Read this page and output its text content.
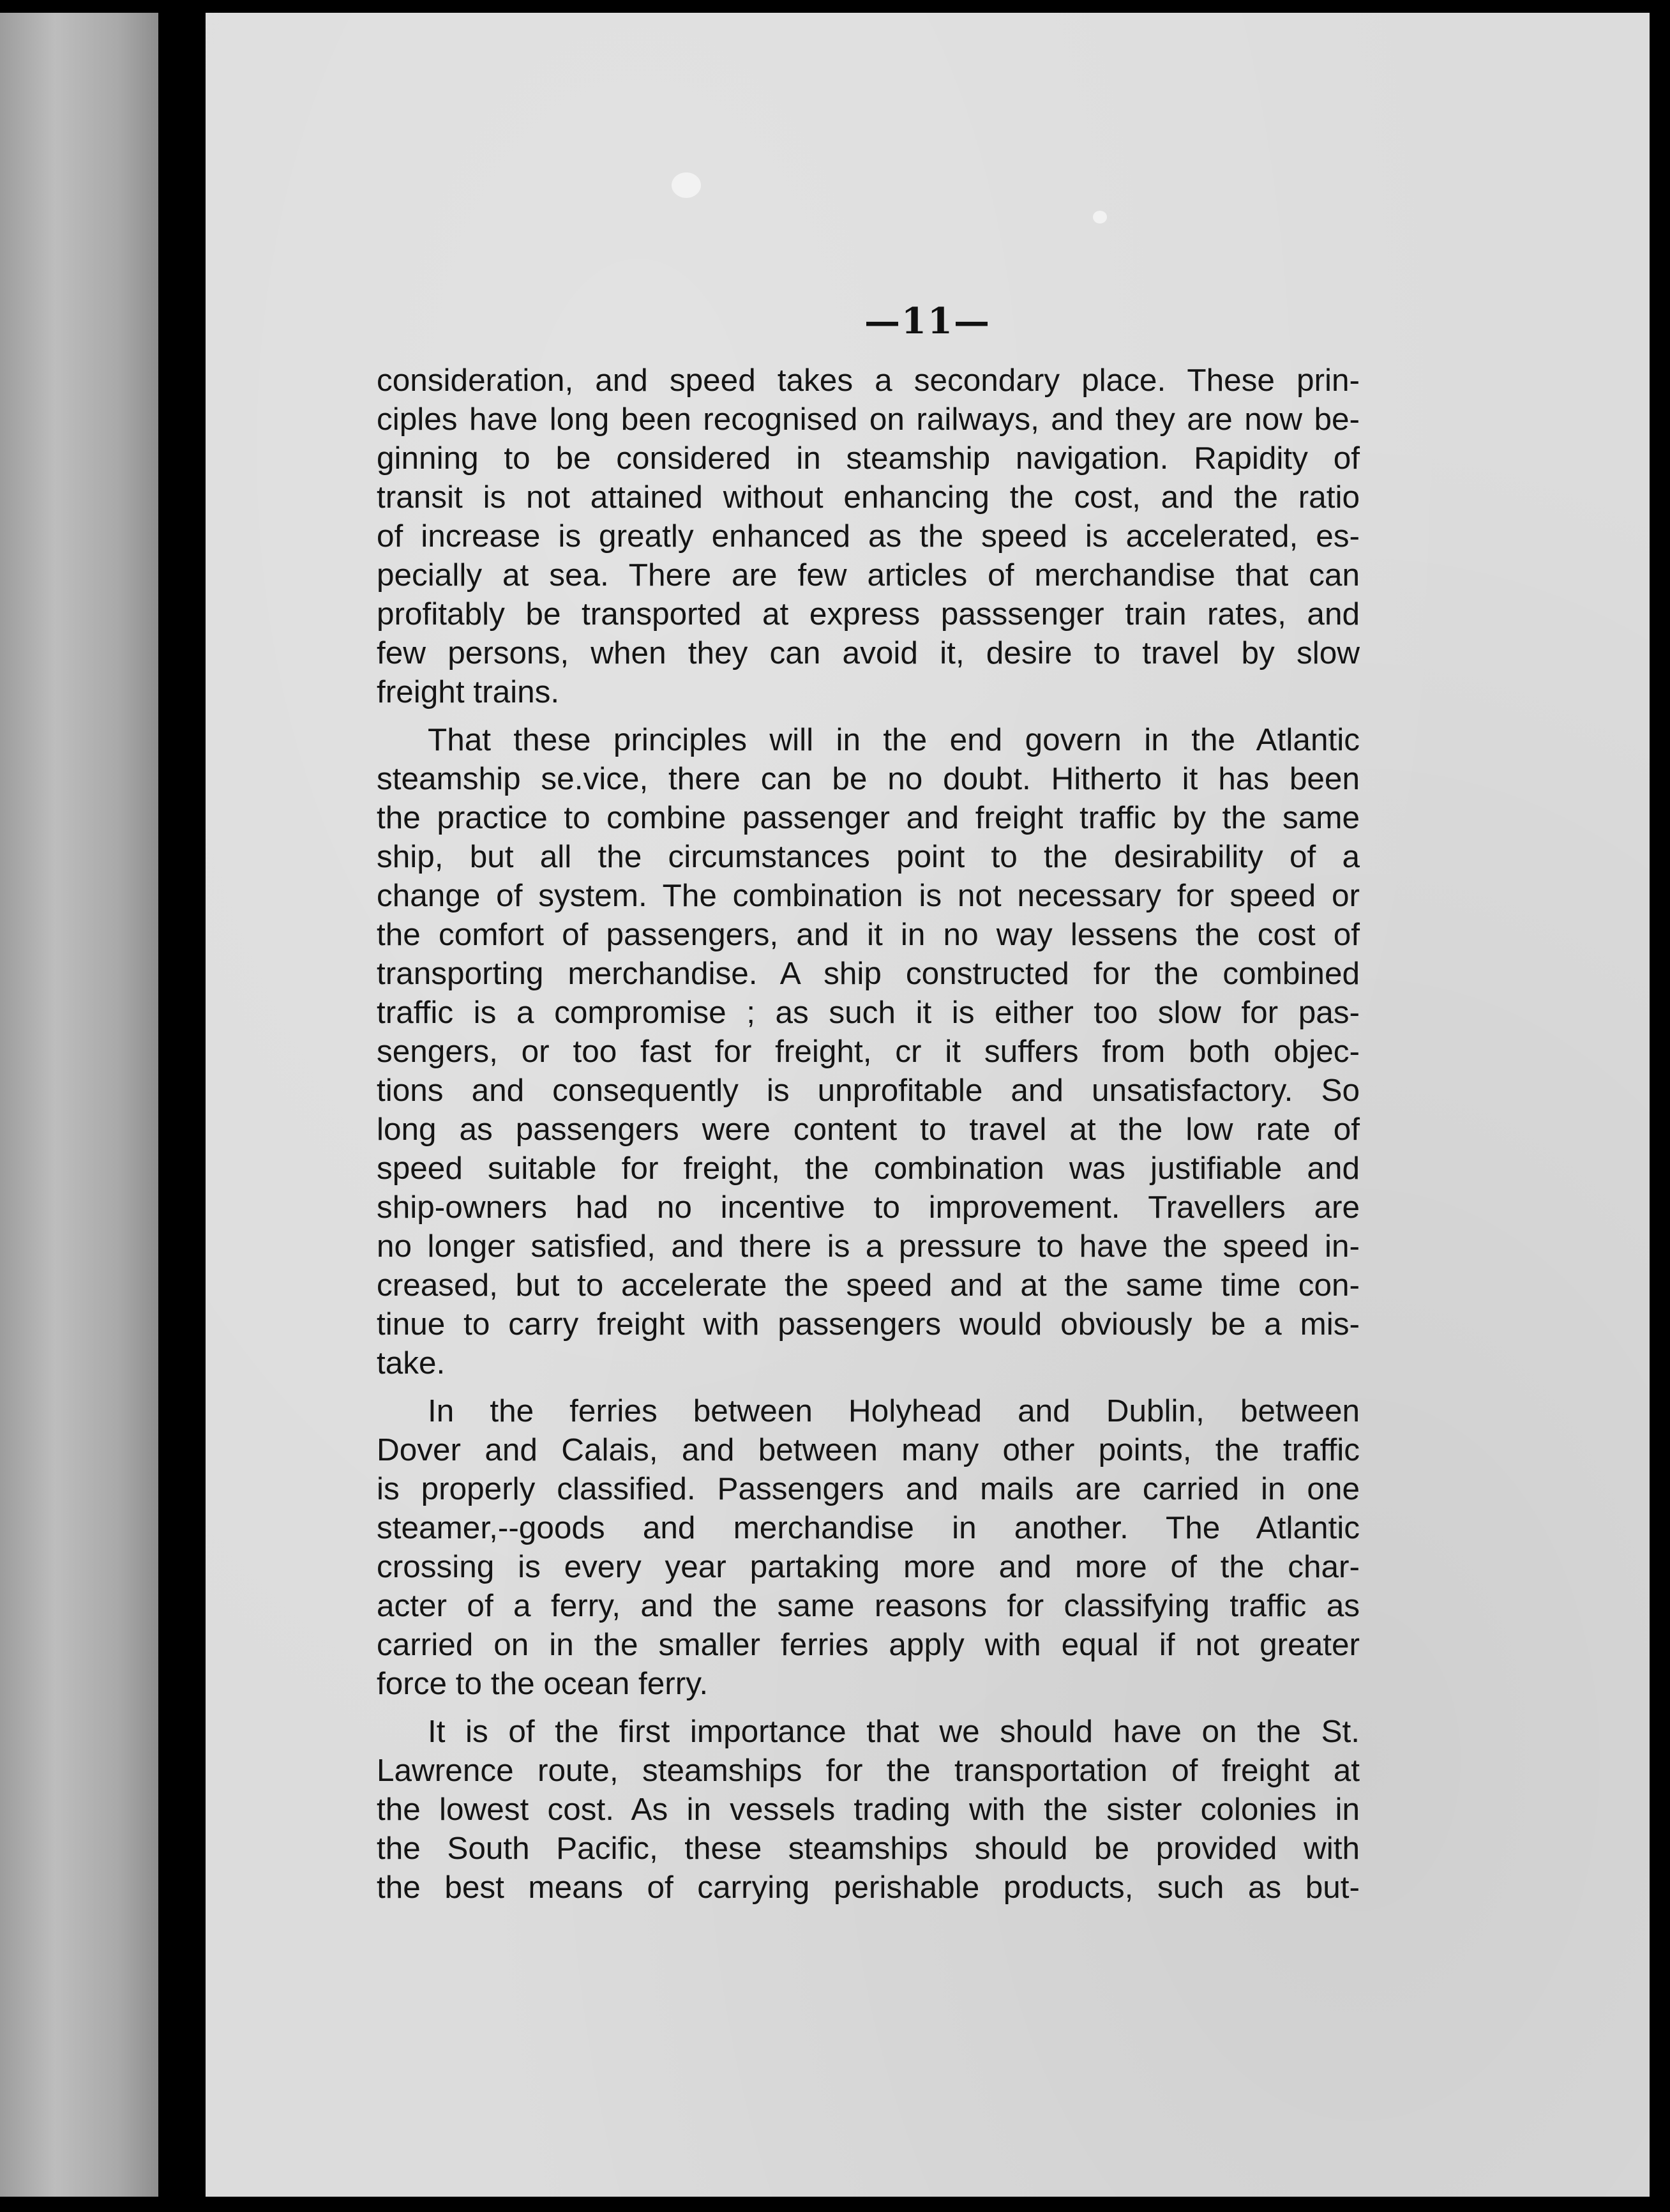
—11—
consideration, and speed takes a secondary place. These prin-
ciples have long been recognised on railways, and they are now be-
ginning to be considered in steamship navigation. Rapidity of
transit is not attained without enhancing the cost, and the ratio
of increase is greatly enhanced as the speed is accelerated, es-
pecially at sea. There are few articles of merchandise that can
profitably be transported at express passsenger train rates, and
few persons, when they can avoid it, desire to travel by slow
freight trains.
That these principles will in the end govern in the Atlantic
steamship se.vice, there can be no doubt. Hitherto it has been
the practice to combine passenger and freight traffic by the same
ship, but all the circumstances point to the desirability of a
change of system. The combination is not necessary for speed or
the comfort of passengers, and it in no way lessens the cost of
transporting merchandise. A ship constructed for the combined
traffic is a compromise ; as such it is either too slow for pas-
sengers, or too fast for freight, cr it suffers from both objec-
tions and consequently is unprofitable and unsatisfactory. So
long as passengers were content to travel at the low rate of
speed suitable for freight, the combination was justifiable and
ship-owners had no incentive to improvement. Travellers are
no longer satisfied, and there is a pressure to have the speed in-
creased, but to accelerate the speed and at the same time con-
tinue to carry freight with passengers would obviously be a mis-
take.
In the ferries between Holyhead and Dublin, between
Dover and Calais, and between many other points, the traffic
is properly classified. Passengers and mails are carried in one
steamer,--goods and merchandise in another. The Atlantic
crossing is every year partaking more and more of the char-
acter of a ferry, and the same reasons for classifying traffic as
carried on in the smaller ferries apply with equal if not greater
force to the ocean ferry.
It is of the first importance that we should have on the St.
Lawrence route, steamships for the transportation of freight at
the lowest cost. As in vessels trading with the sister colonies in
the South Pacific, these steamships should be provided with
the best means of carrying perishable products, such as but-
